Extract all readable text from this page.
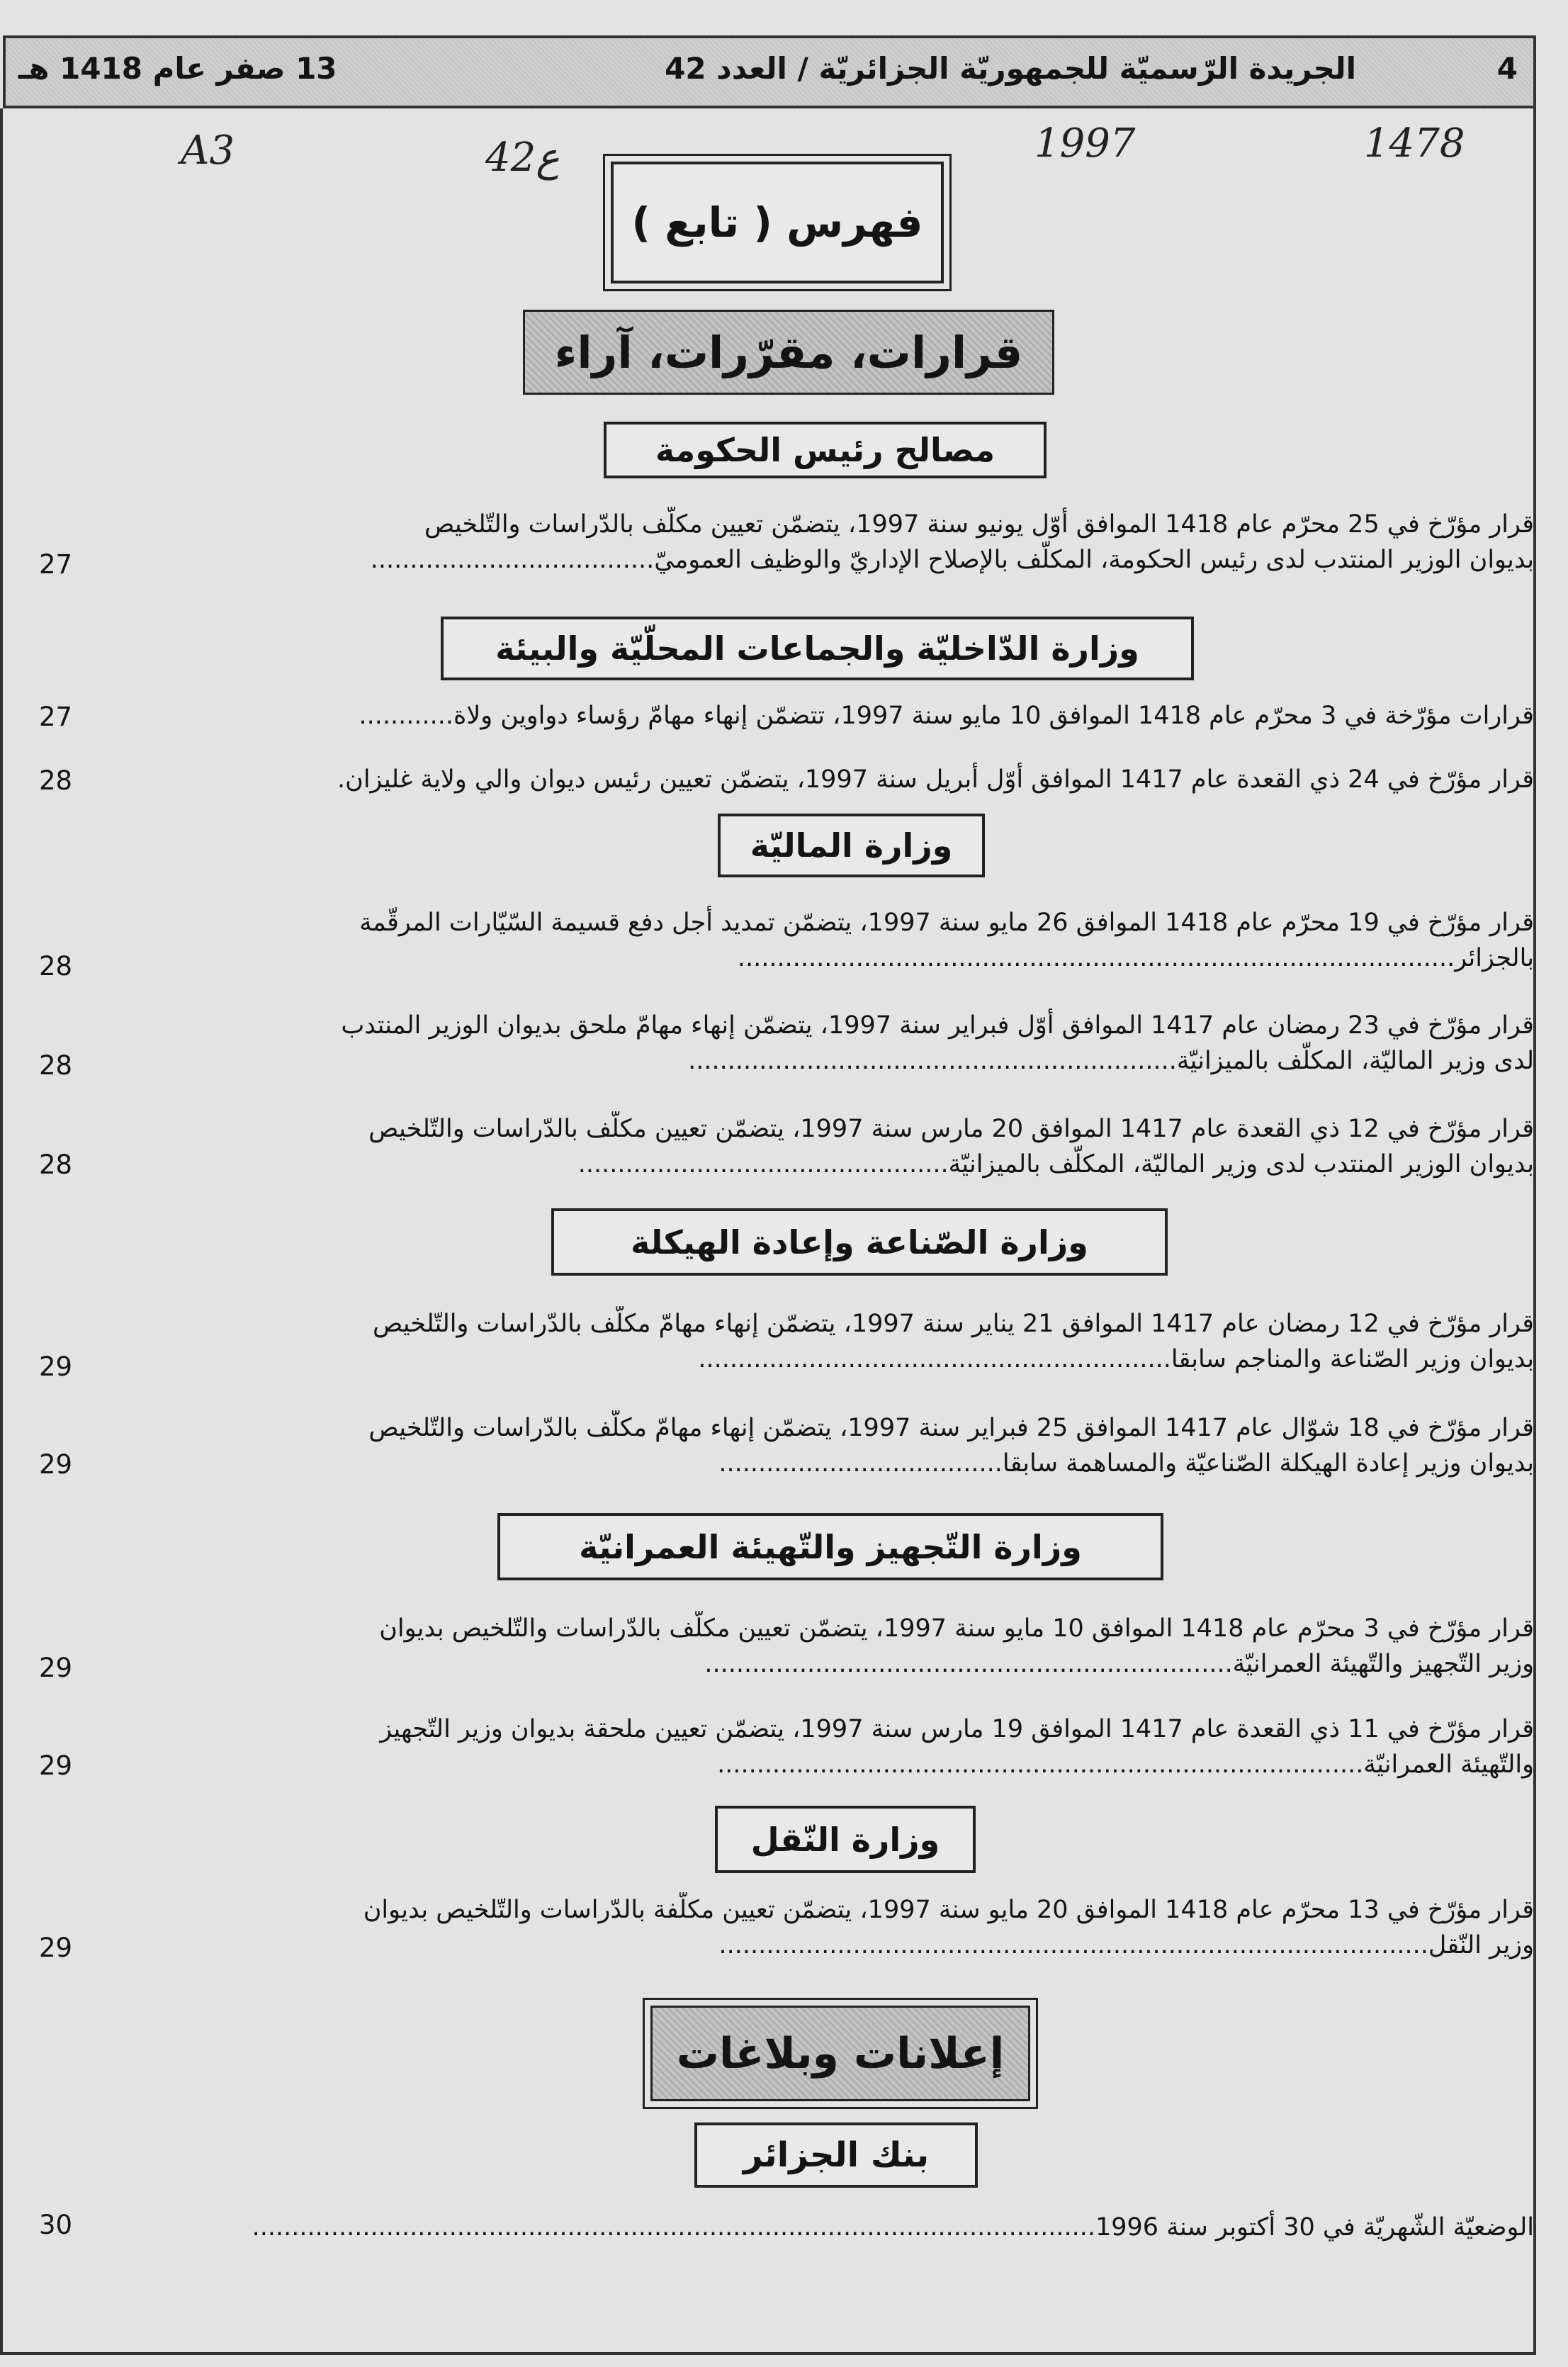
4
الجريدة الرّسميّة للجمهوريّة الجزائريّة / العدد 42
13 صفر عام 1418 هـ
1478
1997
42ع
A3
فهرس ( تابع )
قرارات، مقرّرات، آراء
مصالح رئيس الحكومة
قرار مؤرّخ في 25 محرّم عام 1418 الموافق أوّل يونيو سنة 1997، يتضمّن تعيين مكلّف بالدّراسات والتّلخيص
بديوان الوزير المنتدب لدى رئيس الحكومة، المكلّف بالإصلاح الإداريّ والوظيف العموميّ....................................
27
وزارة الدّاخليّة والجماعات المحلّيّة والبيئة
قرارات مؤرّخة في 3 محرّم عام 1418 الموافق 10 مايو سنة 1997، تتضمّن إنهاء مهامّ رؤساء دواوين ولاة............
27
قرار مؤرّخ في 24 ذي القعدة عام 1417 الموافق أوّل أبريل سنة 1997، يتضمّن تعيين رئيس ديوان والي ولاية غليزان.
28
وزارة الماليّة
قرار مؤرّخ في 19 محرّم عام 1418 الموافق 26 مايو سنة 1997، يتضمّن تمديد أجل دفع قسيمة السّيّارات المرقّمة
بالجزائر...........................................................................................
28
قرار مؤرّخ في 23 رمضان عام 1417 الموافق أوّل فبراير سنة 1997، يتضمّن إنهاء مهامّ ملحق بديوان الوزير المنتدب
لدى وزير الماليّة، المكلّف بالميزانيّة..............................................................
28
قرار مؤرّخ في 12 ذي القعدة عام 1417 الموافق 20 مارس سنة 1997، يتضمّن تعيين مكلّف بالدّراسات والتّلخيص
بديوان الوزير المنتدب لدى وزير الماليّة، المكلّف بالميزانيّة...............................................
28
وزارة الصّناعة وإعادة الهيكلة
قرار مؤرّخ في 12 رمضان عام 1417 الموافق 21 يناير سنة 1997، يتضمّن إنهاء مهامّ مكلّف بالدّراسات والتّلخيص
بديوان وزير الصّناعة والمناجم سابقا............................................................
29
قرار مؤرّخ في 18 شوّال عام 1417 الموافق 25 فبراير سنة 1997، يتضمّن إنهاء مهامّ مكلّف بالدّراسات والتّلخيص
بديوان وزير إعادة الهيكلة الصّناعيّة والمساهمة سابقا....................................
29
وزارة التّجهيز والتّهيئة العمرانيّة
قرار مؤرّخ في 3 محرّم عام 1418 الموافق 10 مايو سنة 1997، يتضمّن تعيين مكلّف بالدّراسات والتّلخيص بديوان
وزير التّجهيز والتّهيئة العمرانيّة...................................................................
29
قرار مؤرّخ في 11 ذي القعدة عام 1417 الموافق 19 مارس سنة 1997، يتضمّن تعيين ملحقة بديوان وزير التّجهيز
والتّهيئة العمرانيّة..................................................................................
29
وزارة النّقل
قرار مؤرّخ في 13 محرّم عام 1418 الموافق 20 مايو سنة 1997، يتضمّن تعيين مكلّفة بالدّراسات والتّلخيص بديوان
وزير النّقل..........................................................................................
29
إعلانات وبلاغات
بنك الجزائر
الوضعيّة الشّهريّة في 30 أكتوبر سنة 1996...........................................................................................................
30
